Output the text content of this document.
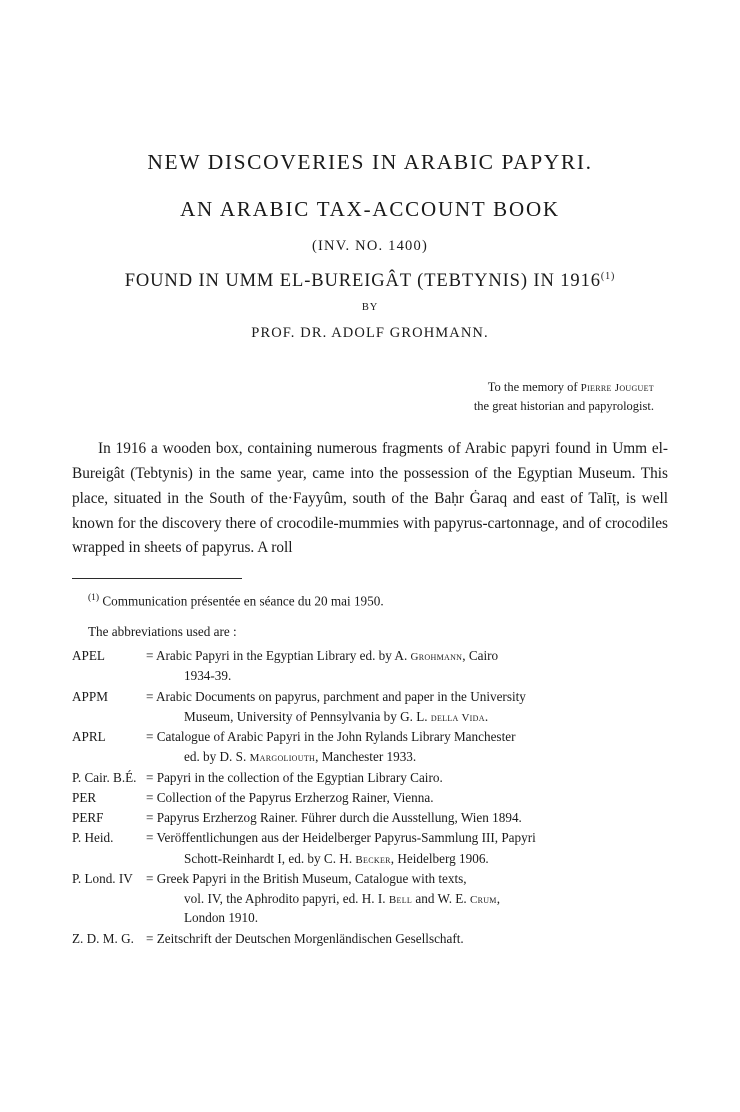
NEW DISCOVERIES IN ARABIC PAPYRI.
AN ARABIC TAX-ACCOUNT BOOK
(INV. NO. 1400)
FOUND IN UMM EL-BUREIGÂT (TEBTYNIS) IN 1916$^{(1)}$
BY
PROF. DR. ADOLF GROHMANN.
To the memory of Pierre Jouguet
the great historian and papyrologist.

In 1916 a wooden box, containing numerous fragments of Arabic papyri found in Umm el-Bureigât (Tebtynis) in the same year, came into the possession of the Egyptian Museum. This place, situated in the South of the·Fayyûm, south of the Baḥr Ġaraq and east of Talīṭ, is well known for the discovery there of crocodile-mummies with papyrus-cartonnage, and of crocodiles wrapped in sheets of papyrus. A roll

$^{(1)}$ Communication présentée en séance du 20 mai 1950.

The abbreviations used are :

APEL	= Arabic Papyri in the Egyptian Library ed. by A. Grohmann, Cairo
1934-39.
APPM	= Arabic Documents on papyrus, parchment and paper in the University
Museum, University of Pennsylvania by G. L. della Vida.
APRL	= Catalogue of Arabic Papyri in the John Rylands Library Manchester
ed. by D. S. Margoliouth, Manchester 1933.
P. Cair. B.É. = Papyri in the collection of the Egyptian Library Cairo.
PER	= Collection of the Papyrus Erzherzog Rainer, Vienna.
PERF	= Papyrus Erzherzog Rainer. Führer durch die Ausstellung, Wien 1894.
P. Heid.	= Veröffentlichungen aus der Heidelberger Papyrus-Sammlung III, Papyri
Schott-Reinhardt I, ed. by C. H. Becker, Heidelberg 1906.
P. Lond. IV = Greek Papyri in the British Museum, Catalogue with texts,
vol. IV, the Aphrodito papyri, ed. H. I. Bell and W. E. Crum,
London 1910.
Z. D. M. G. = Zeitschrift der Deutschen Morgenländischen Gesellschaft.
